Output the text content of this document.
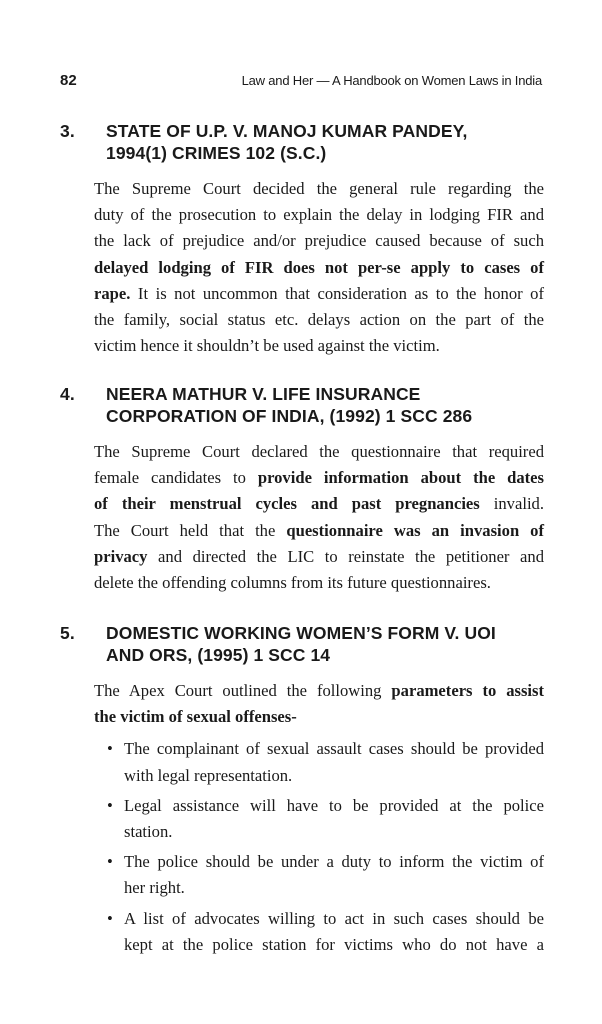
82	Law and Her — A Handbook on Women Laws in India
3. STATE OF U.P. V. MANOJ KUMAR PANDEY,
1994(1) CRIMES 102 (S.C.)
The Supreme Court decided the general rule regarding the
duty of the prosecution to explain the delay in lodging FIR and
the lack of prejudice and/or prejudice caused because of such
delayed lodging of FIR does not per-se apply to cases of
rape. It is not uncommon that consideration as to the honor of
the family, social status etc. delays action on the part of the
victim hence it shouldn’t be used against the victim.
4. NEERA MATHUR V. LIFE INSURANCE
CORPORATION OF INDIA, (1992) 1 SCC 286
The Supreme Court declared the questionnaire that required
female candidates to provide information about the dates
of their menstrual cycles and past pregnancies invalid.
The Court held that the questionnaire was an invasion of
privacy and directed the LIC to reinstate the petitioner and
delete the offending columns from its future questionnaires.
5. DOMESTIC WORKING WOMEN’S FORM V. UOI
AND ORS, (1995) 1 SCC 14
The Apex Court outlined the following parameters to assist
the victim of sexual offenses-
• The complainant of sexual assault cases should be provided
with legal representation.
• Legal assistance will have to be provided at the police
station.
• The police should be under a duty to inform the victim of
her right.
• A list of advocates willing to act in such cases should be
kept at the police station for victims who do not have a
